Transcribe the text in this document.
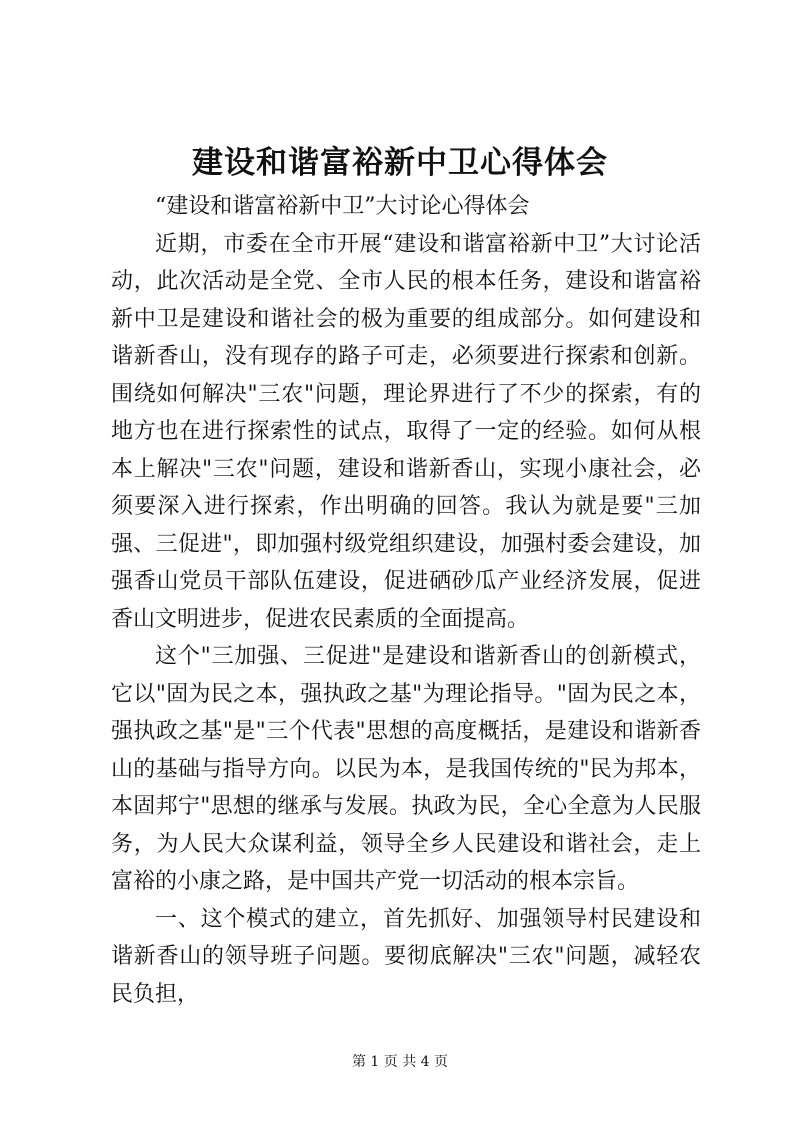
建设和谐富裕新中卫心得体会

“建设和谐富裕新中卫”大讨论心得体会

近期，市委在全市开展“建设和谐富裕新中卫”大讨论活动，此次活动是全党、全市人民的根本任务，建设和谐富裕新中卫是建设和谐社会的极为重要的组成部分。如何建设和谐新香山，没有现存的路子可走，必须要进行探索和创新。围绕如何解决"三农"问题，理论界进行了不少的探索，有的地方也在进行探索性的试点，取得了一定的经验。如何从根本上解决"三农"问题，建设和谐新香山，实现小康社会，必须要深入进行探索，作出明确的回答。我认为就是要"三加强、三促进"，即加强村级党组织建设，加强村委会建设，加强香山党员干部队伍建设，促进硒砂瓜产业经济发展，促进香山文明进步，促进农民素质的全面提高。

这个"三加强、三促进"是建设和谐新香山的创新模式，它以"固为民之本，强执政之基"为理论指导。"固为民之本，强执政之基"是"三个代表"思想的高度概括，是建设和谐新香山的基础与指导方向。以民为本，是我国传统的"民为邦本，本固邦宁"思想的继承与发展。执政为民，全心全意为人民服务，为人民大众谋利益，领导全乡人民建设和谐社会，走上富裕的小康之路，是中国共产党一切活动的根本宗旨。

一、这个模式的建立，首先抓好、加强领导村民建设和谐新香山的领导班子问题。要彻底解决"三农"问题，减轻农民负担，

第 1 页 共 4 页
